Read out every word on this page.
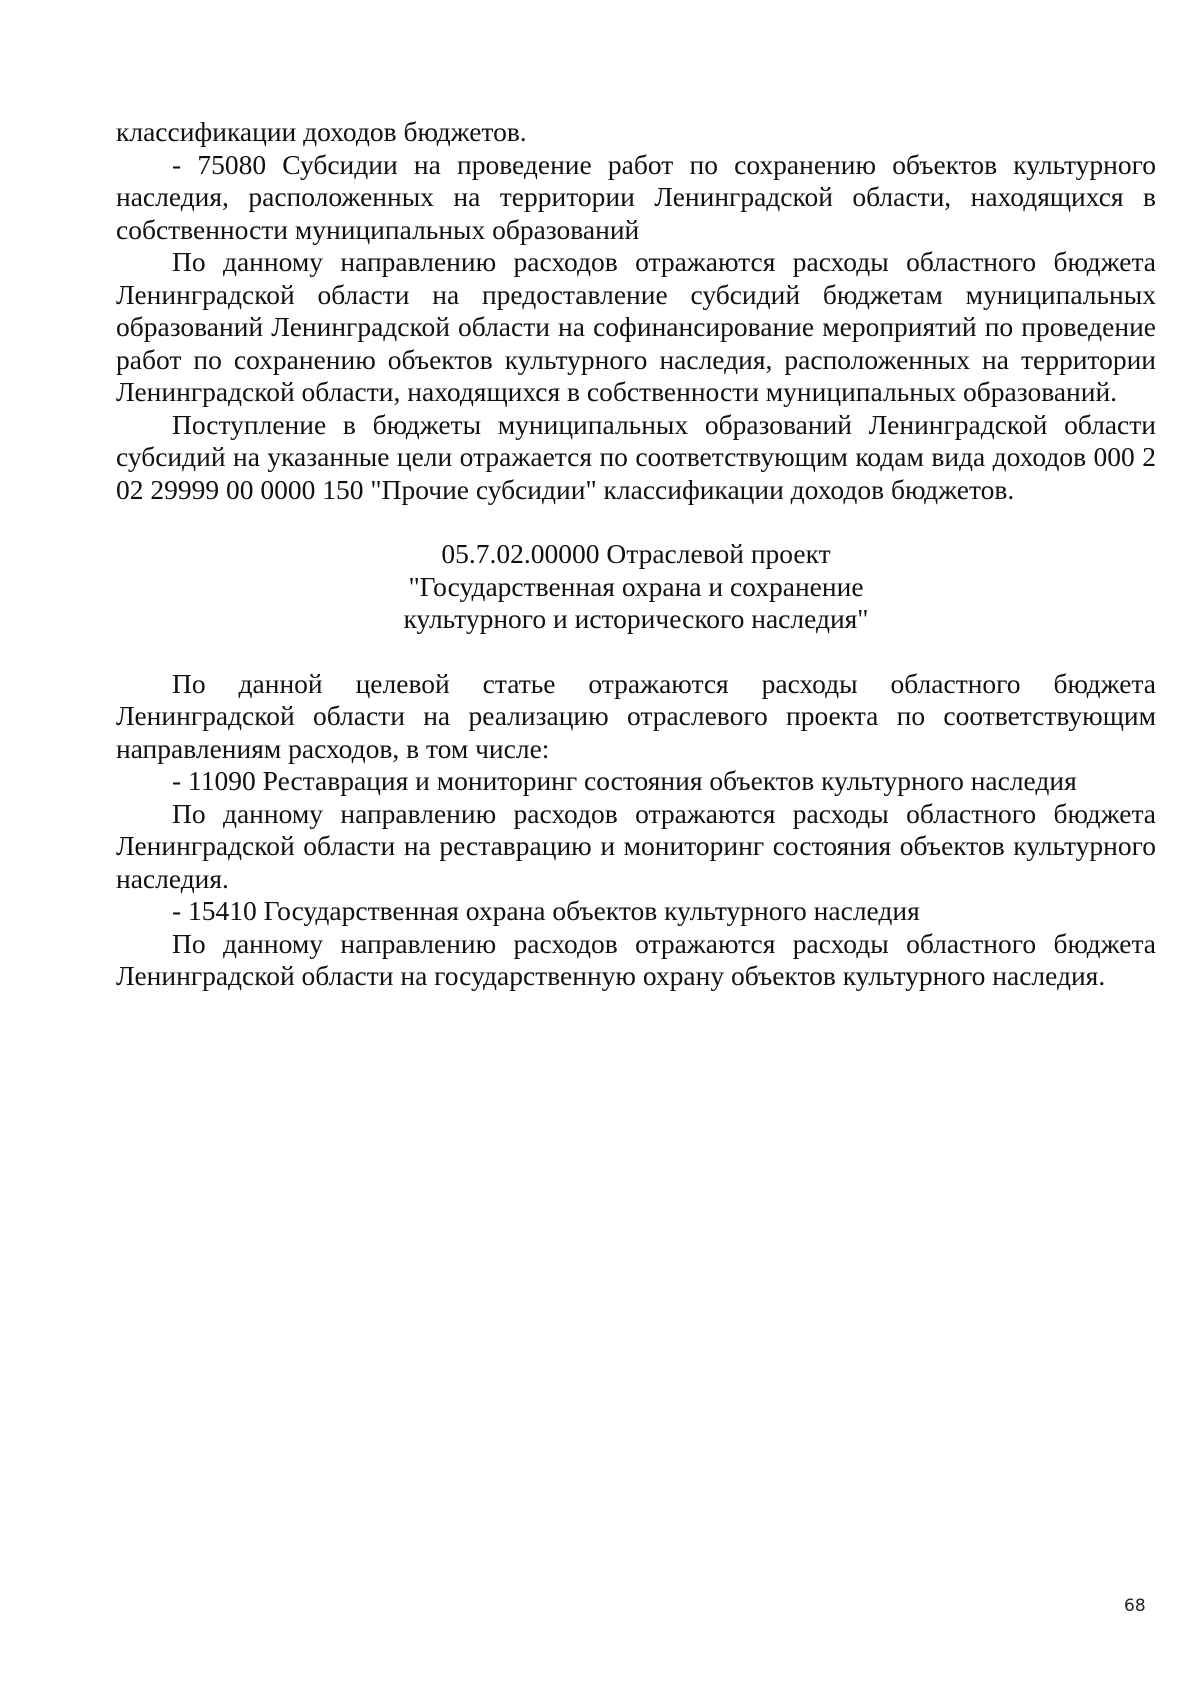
классификации доходов бюджетов.

- 75080 Субсидии на проведение работ по сохранению объектов культурного наследия, расположенных на территории Ленинградской области, находящихся в собственности муниципальных образований

По данному направлению расходов отражаются расходы областного бюджета Ленинградской области на предоставление субсидий бюджетам муниципальных образований Ленинградской области на софинансирование мероприятий по проведение работ по сохранению объектов культурного наследия, расположенных на территории Ленинградской области, находящихся в собственности муниципальных образований.

Поступление в бюджеты муниципальных образований Ленинградской области субсидий на указанные цели отражается по соответствующим кодам вида доходов 000 2 02 29999 00 0000 150 "Прочие субсидии" классификации доходов бюджетов.

05.7.02.00000 Отраслевой проект
"Государственная охрана и сохранение
культурного и исторического наследия"

По данной целевой статье отражаются расходы областного бюджета Ленинградской области на реализацию отраслевого проекта по соответствующим направлениям расходов, в том числе:

- 11090 Реставрация и мониторинг состояния объектов культурного наследия

По данному направлению расходов отражаются расходы областного бюджета Ленинградской области на реставрацию и мониторинг состояния объектов культурного наследия.

- 15410 Государственная охрана объектов культурного наследия

По данному направлению расходов отражаются расходы областного бюджета Ленинградской области на государственную охрану объектов культурного наследия.

68
